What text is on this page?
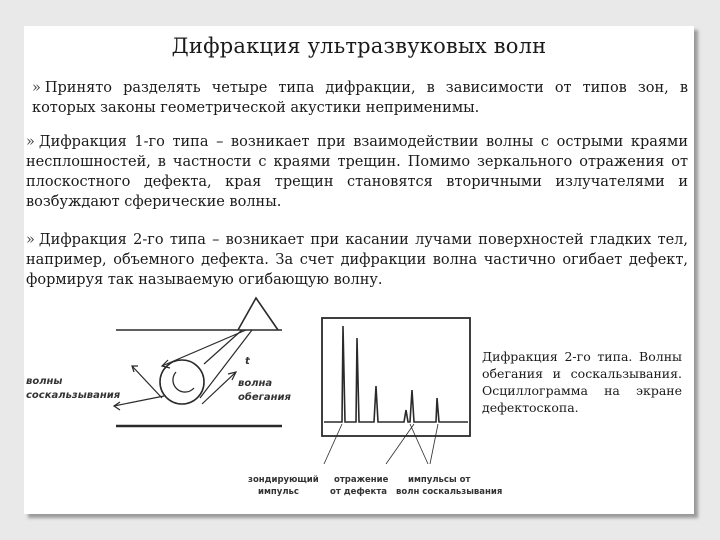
Дифракция ультразвуковых волн
» Принято разделять четыре типа дифракции, в зависимости от типов зон, в которых законы геометрической акустики неприменимы.
» Дифракция 1-го типа – возникает при взаимодействии волны с острыми краями несплошностей, в частности с краями трещин. Помимо зеркального отражения от плоскостного дефекта, края трещин становятся вторичными излучателями и возбуждают сферические волны.
» Дифракция 2-го типа – возникает при касании лучами поверхностей гладких тел, например, объемного дефекта. За счет дифракции волна частично огибает дефект, формируя так называемую огибающую волну.
волны
соскальзывания
волна
обегания
t
зондирующий
импульс
отражение
от дефекта
импульсы от
волн соскальзывания
Дифракция 2-го типа. Волны обегания и соскальзывания. Осциллограмма на экране дефектоскопа.
